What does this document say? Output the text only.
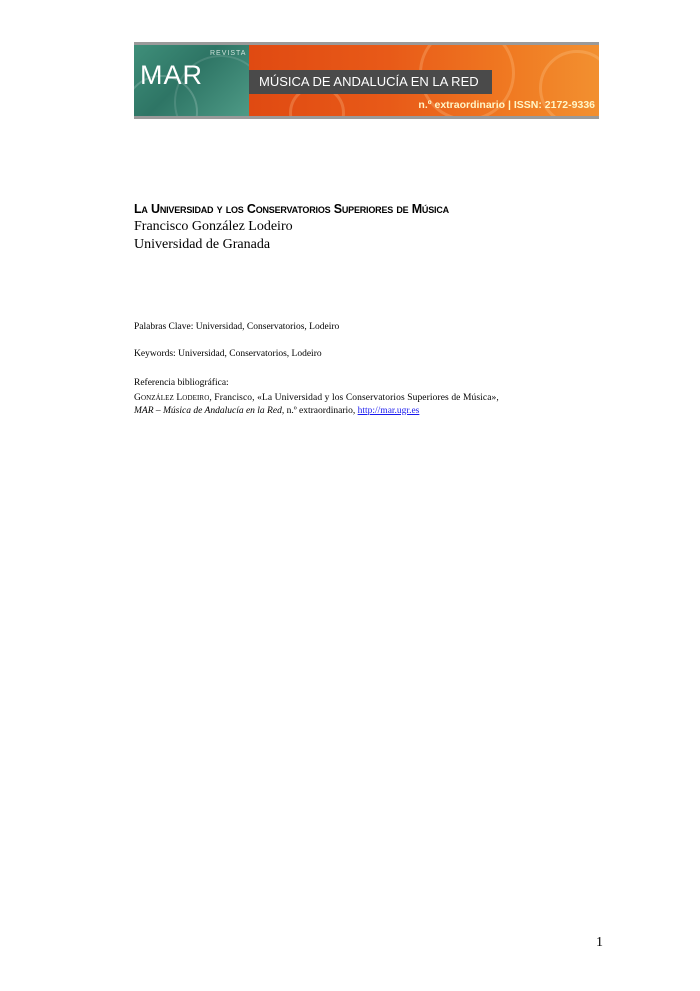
REVISTA
MAR	MÚSICA DE ANDALUCÍA EN LA RED
n.º extraordinario | ISSN: 2172-9336
La Universidad y los Conservatorios Superiores de Música
Francisco González Lodeiro
Universidad de Granada
Palabras Clave: Universidad, Conservatorios, Lodeiro
Keywords: Universidad, Conservatorios, Lodeiro
Referencia bibliográfica:
González Lodeiro, Francisco, «La Universidad y los Conservatorios Superiores de Música»,
MAR – Música de Andalucía en la Red, n.º extraordinario, http://mar.ugr.es
1
